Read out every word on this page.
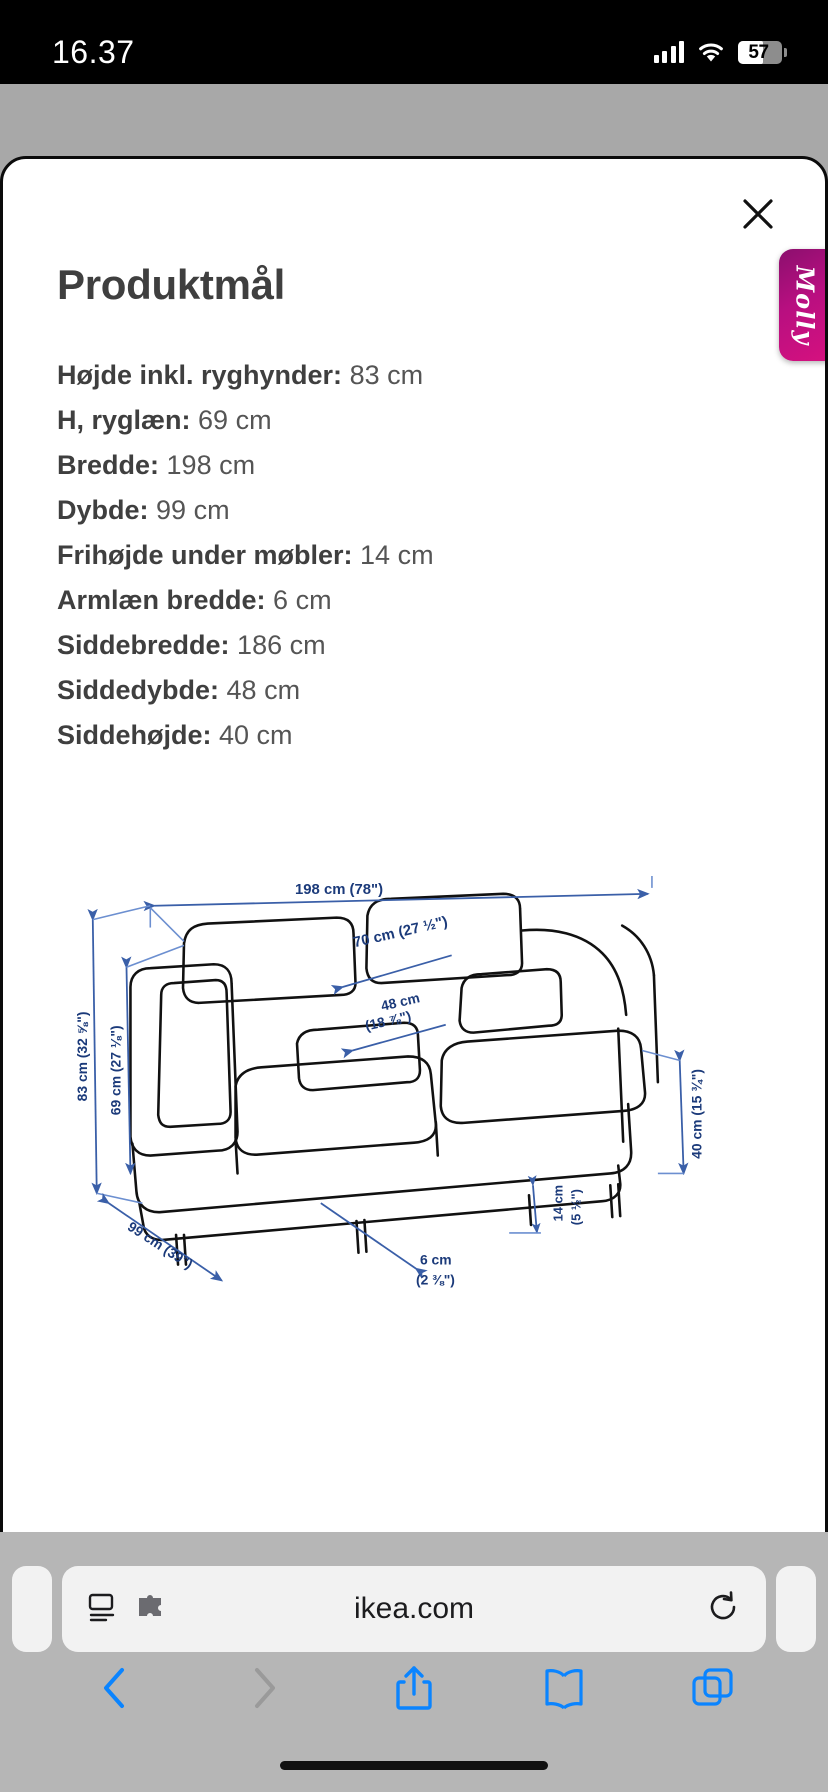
16.37	57
Molly
Produktmål
Højde inkl. ryghynder: 83 cm
H, ryglæn: 69 cm
Bredde: 198 cm
Dybde: 99 cm
Frihøjde under møbler: 14 cm
Armlæn bredde: 6 cm
Siddebredde: 186 cm
Siddedybde: 48 cm
Siddehøjde: 40 cm
198 cm (78")
70 cm (27 ½")
48 cm
(18 ⅞")
83 cm (32 ⅝") 69 cm (27 ⅛")
99 cm (39")
40 cm (15 ¾")
14 cm (5 ½")
6 cm
(2 ⅜")
ikea.com
